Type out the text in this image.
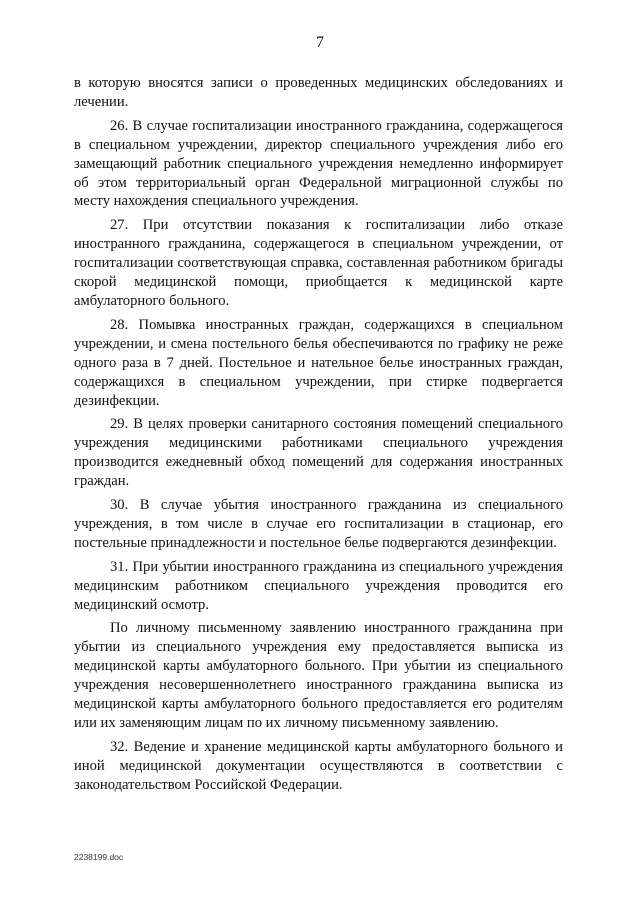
7

в которую вносятся записи о проведенных медицинских обследованиях и лечении.

26. В случае госпитализации иностранного гражданина, содержащегося в специальном учреждении, директор специального учреждения либо его замещающий работник специального учреждения немедленно информирует об этом территориальный орган Федеральной миграционной службы по месту нахождения специального учреждения.

27. При отсутствии показания к госпитализации либо отказе иностранного гражданина, содержащегося в специальном учреждении, от госпитализации соответствующая справка, составленная работником бригады скорой медицинской помощи, приобщается к медицинской карте амбулаторного больного.

28. Помывка иностранных граждан, содержащихся в специальном учреждении, и смена постельного белья обеспечиваются по графику не реже одного раза в 7 дней. Постельное и нательное белье иностранных граждан, содержащихся в специальном учреждении, при стирке подвергается дезинфекции.

29. В целях проверки санитарного состояния помещений специального учреждения медицинскими работниками специального учреждения производится ежедневный обход помещений для содержания иностранных граждан.

30. В случае убытия иностранного гражданина из специального учреждения, в том числе в случае его госпитализации в стационар, его постельные принадлежности и постельное белье подвергаются дезинфекции.

31. При убытии иностранного гражданина из специального учреждения медицинским работником специального учреждения проводится его медицинский осмотр.

По личному письменному заявлению иностранного гражданина при убытии из специального учреждения ему предоставляется выписка из медицинской карты амбулаторного больного. При убытии из специального учреждения несовершеннолетнего иностранного гражданина выписка из медицинской карты амбулаторного больного предоставляется его родителям или их заменяющим лицам по их личному письменному заявлению.

32. Ведение и хранение медицинской карты амбулаторного больного и иной медицинской документации осуществляются в соответствии с законодательством Российской Федерации.

2238199.doc
